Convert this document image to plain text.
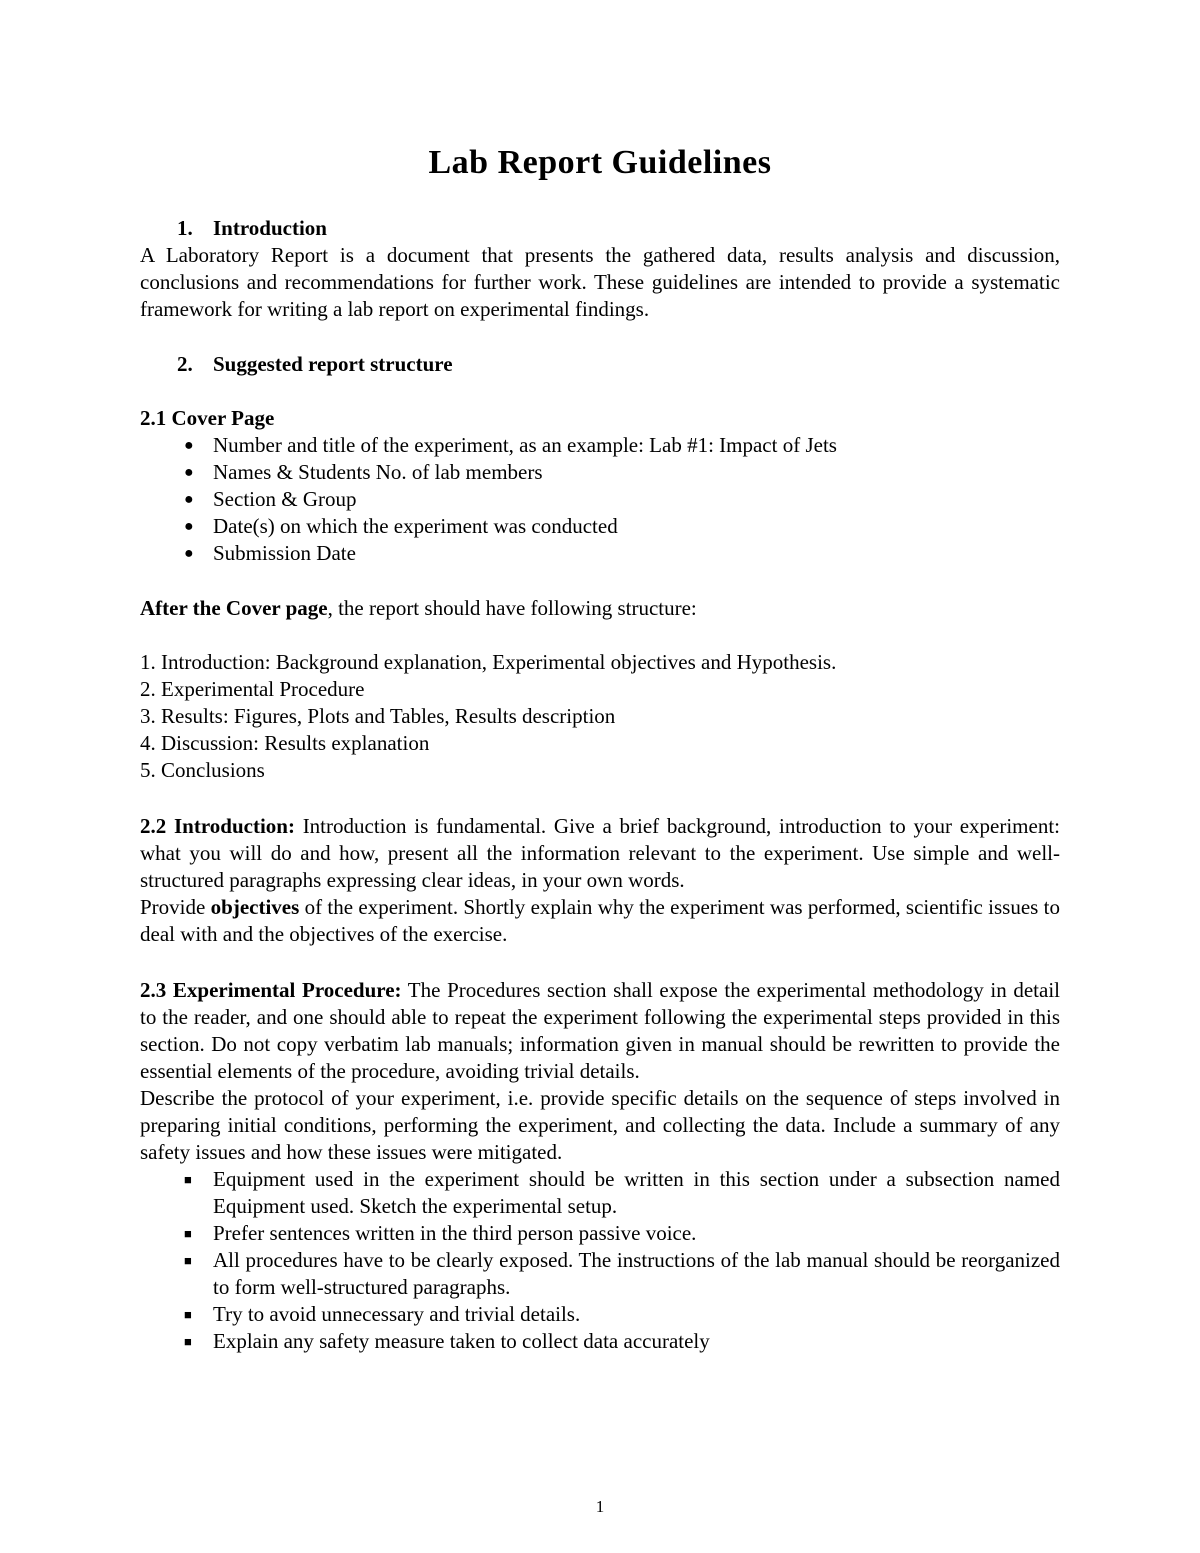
Lab Report Guidelines
1. Introduction

A Laboratory Report is a document that presents the gathered data, results analysis and discussion, conclusions and recommendations for further work. These guidelines are intended to provide a systematic framework for writing a lab report on experimental findings.

2. Suggested report structure
2.1 Cover Page
● Number and title of the experiment, as an example: Lab #1: Impact of Jets
● Names & Students No. of lab members
● Section & Group
● Date(s) on which the experiment was conducted
● Submission Date

After the Cover page, the report should have following structure:

1. Introduction: Background explanation, Experimental objectives and Hypothesis.
2. Experimental Procedure
3. Results: Figures, Plots and Tables, Results description
4. Discussion: Results explanation
5. Conclusions

2.2 Introduction: Introduction is fundamental. Give a brief background, introduction to your experiment: what you will do and how, present all the information relevant to the experiment. Use simple and well-structured paragraphs expressing clear ideas, in your own words.

Provide objectives of the experiment. Shortly explain why the experiment was performed, scientific issues to deal with and the objectives of the exercise.

2.3 Experimental Procedure: The Procedures section shall expose the experimental methodology in detail to the reader, and one should able to repeat the experiment following the experimental steps provided in this section. Do not copy verbatim lab manuals; information given in manual should be rewritten to provide the essential elements of the procedure, avoiding trivial details.

Describe the protocol of your experiment, i.e. provide specific details on the sequence of steps involved in preparing initial conditions, performing the experiment, and collecting the data. Include a summary of any safety issues and how these issues were mitigated.

■ Equipment used in the experiment should be written in this section under a subsection named Equipment used. Sketch the experimental setup.
■ Prefer sentences written in the third person passive voice.
■ All procedures have to be clearly exposed. The instructions of the lab manual should be reorganized to form well-structured paragraphs.
■ Try to avoid unnecessary and trivial details.
■ Explain any safety measure taken to collect data accurately
1
